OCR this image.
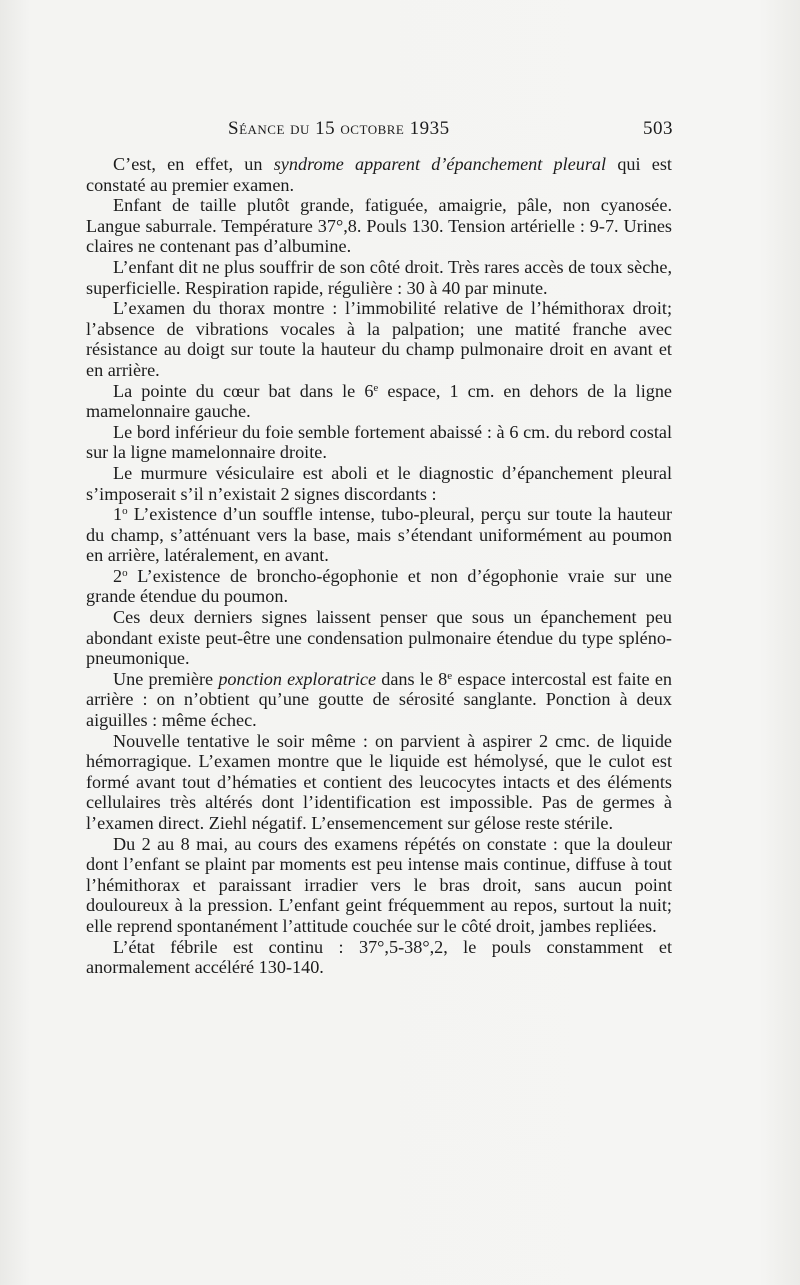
Séance du 15 octobre 1935	503

C’est, en effet, un syndrome apparent d’épanchement pleural qui est constaté au premier examen.

Enfant de taille plutôt grande, fatiguée, amaigrie, pâle, non cyanosée. Langue saburrale. Température 37°,8. Pouls 130. Tension artérielle : 9-7. Urines claires ne contenant pas d’albumine.

L’enfant dit ne plus souffrir de son côté droit. Très rares accès de toux sèche, superficielle. Respiration rapide, régulière : 30 à 40 par minute.

L’examen du thorax montre : l’immobilité relative de l’hémithorax droit; l’absence de vibrations vocales à la palpation; une matité franche avec résistance au doigt sur toute la hauteur du champ pulmonaire droit en avant et en arrière.

La pointe du cœur bat dans le 6e espace, 1 cm. en dehors de la ligne mamelonnaire gauche.

Le bord inférieur du foie semble fortement abaissé : à 6 cm. du rebord costal sur la ligne mamelonnaire droite.

Le murmure vésiculaire est aboli et le diagnostic d’épanchement pleural s’imposerait s’il n’existait 2 signes discordants :

1$^o$ L’existence d’un souffle intense, tubo-pleural, perçu sur toute la hauteur du champ, s’atténuant vers la base, mais s’étendant uniformément au poumon en arrière, latéralement, en avant.

2$^o$ L’existence de broncho-égophonie et non d’égophonie vraie sur une grande étendue du poumon.

Ces deux derniers signes laissent penser que sous un épanchement peu abondant existe peut-être une condensation pulmonaire étendue du type spléno-pneumonique.

Une première ponction exploratrice dans le 8e espace intercostal est faite en arrière : on n’obtient qu’une goutte de sérosité sanglante. Ponction à deux aiguilles : même échec.

Nouvelle tentative le soir même : on parvient à aspirer 2 cmc. de liquide hémorragique. L’examen montre que le liquide est hémolysé, que le culot est formé avant tout d’hématies et contient des leucocytes intacts et des éléments cellulaires très altérés dont l’identification est impossible. Pas de germes à l’examen direct. Ziehl négatif. L’ensemencement sur gélose reste stérile.

Du 2 au 8 mai, au cours des examens répétés on constate : que la douleur dont l’enfant se plaint par moments est peu intense mais continue, diffuse à tout l’hémithorax et paraissant irradier vers le bras droit, sans aucun point douloureux à la pression. L’enfant geint fréquemment au repos, surtout la nuit; elle reprend spontanément l’attitude couchée sur le côté droit, jambes repliées.

L’état fébrile est continu : 37°,5-38°,2, le pouls constamment et anormalement accéléré 130-140.
